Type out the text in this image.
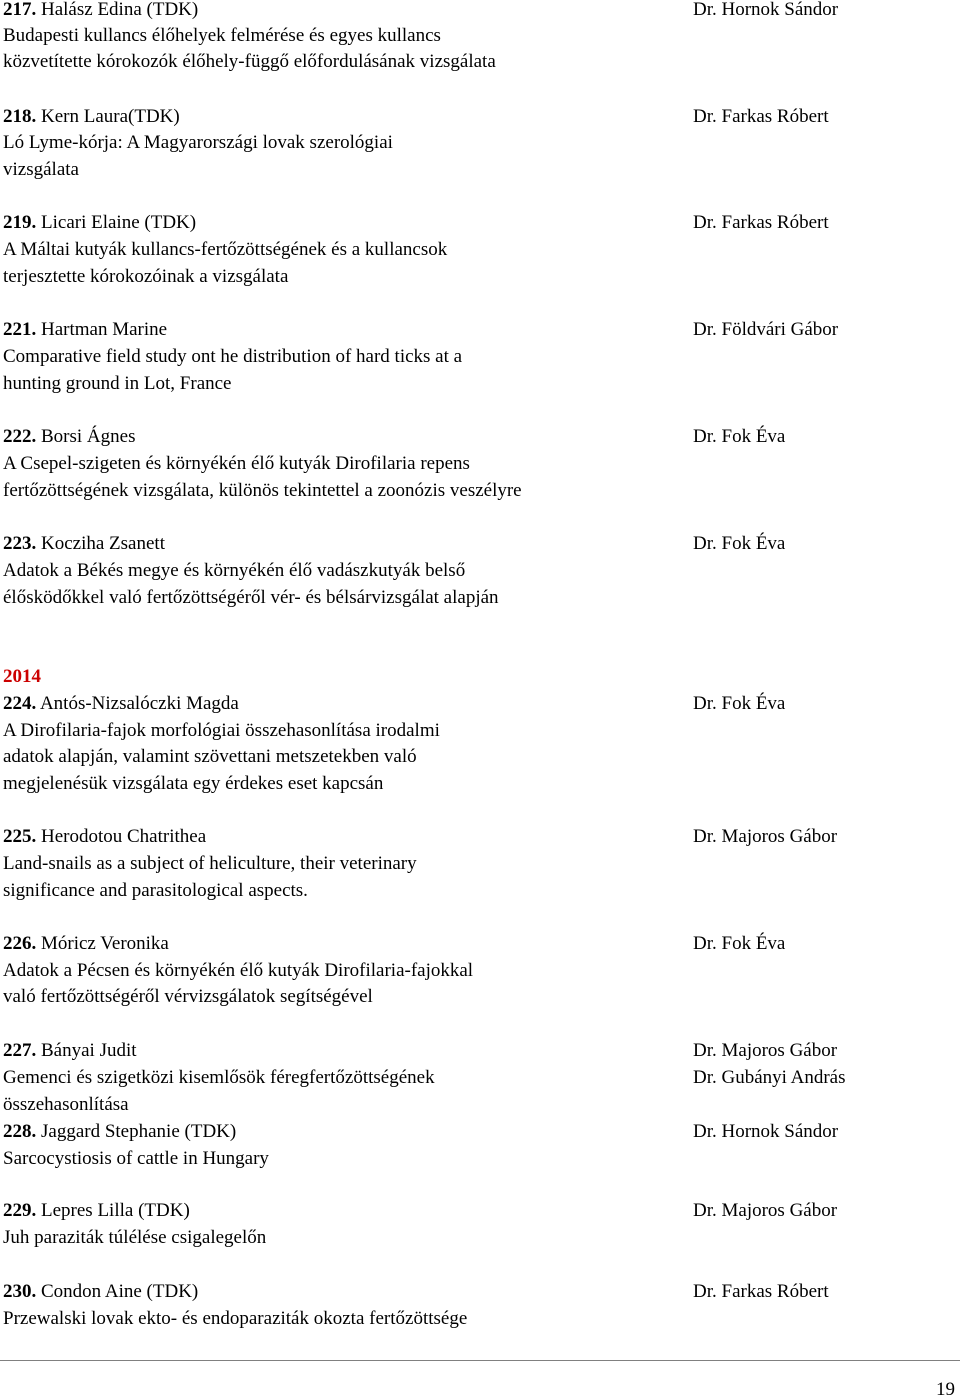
217. Halász Edina (TDK)	Dr. Hornok Sándor
Budapesti kullancs élőhelyek felmérése és egyes kullancs
közvetítette kórokozók élőhely-függő előfordulásának vizsgálata
218. Kern Laura(TDK)	Dr. Farkas Róbert
Ló Lyme-kórja: A Magyarországi lovak szerológiai
vizsgálata
219. Licari Elaine (TDK)	Dr. Farkas Róbert
A Máltai kutyák kullancs-fertőzöttségének és a kullancsok
terjesztette kórokozóinak a vizsgálata
221. Hartman Marine	Dr. Földvári Gábor
Comparative field study ont he distribution of hard ticks at a
hunting ground in Lot, France
222. Borsi Ágnes	Dr. Fok Éva
A Csepel-szigeten és környékén élő kutyák Dirofilaria repens
fertőzöttségének vizsgálata, különös tekintettel a zoonózis veszélyre
223. Kocziha Zsanett	Dr. Fok Éva
Adatok a Békés megye és környékén élő vadászkutyák belső
élősködőkkel való fertőzöttségéről vér- és bélsárvizsgálat alapján
2014
224. Antós-Nizsalóczki Magda	Dr. Fok Éva
A Dirofilaria-fajok morfológiai összehasonlítása irodalmi
adatok alapján, valamint szövettani metszetekben való
megjelenésük vizsgálata egy érdekes eset kapcsán
225. Herodotou Chatrithea	Dr. Majoros Gábor
Land-snails as a subject of heliculture, their veterinary
significance and parasitological aspects.
226. Móricz Veronika	Dr. Fok Éva
Adatok a Pécsen és környékén élő kutyák Dirofilaria-fajokkal
való fertőzöttségéről vérvizsgálatok segítségével
227. Bányai Judit	Dr. Majoros Gábor
Gemenci és szigetközi kisemlősök féregfertőzöttségének	Dr. Gubányi András
összehasonlítása
228. Jaggard Stephanie (TDK)	Dr. Hornok Sándor
Sarcocystiosis of cattle in Hungary
229. Lepres Lilla (TDK)	Dr. Majoros Gábor
Juh paraziták túlélése csigalegelőn
230. Condon Aine (TDK)	Dr. Farkas Róbert
Przewalski lovak ekto- és endoparaziták okozta fertőzöttsége
19
